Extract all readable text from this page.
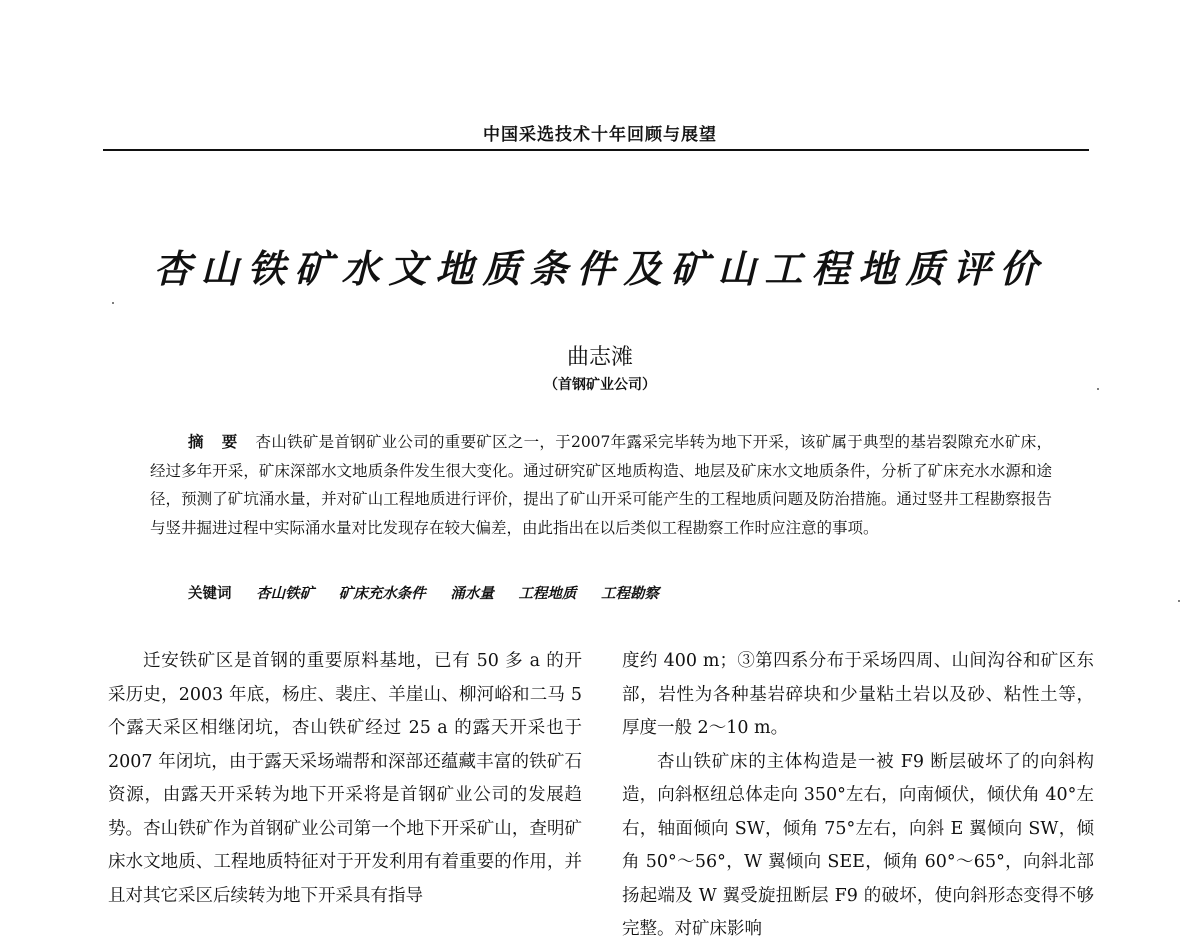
中国采选技术十年回顾与展望
杏山铁矿水文地质条件及矿山工程地质评价
曲志滩
（首钢矿业公司）
摘要杏山铁矿是首钢矿业公司的重要矿区之一，于2007年露采完毕转为地下开采，该矿属于典型的基岩裂隙充水矿床，经过多年开采，矿床深部水文地质条件发生很大变化。通过研究矿区地质构造、地层及矿床水文地质条件，分析了矿床充水水源和途径，预测了矿坑涌水量，并对矿山工程地质进行评价，提出了矿山开采可能产生的工程地质问题及防治措施。通过竖井工程勘察报告与竖井掘进过程中实际涌水量对比发现存在较大偏差，由此指出在以后类似工程勘察工作时应注意的事项。
关键词 杏山铁矿 矿床充水条件 涌水量 工程地质 工程勘察
迁安铁矿区是首钢的重要原料基地，已有 50 多 a 的开采历史，2003 年底，杨庄、裴庄、羊崖山、柳河峪和二马 5 个露天采区相继闭坑，杏山铁矿经过 25 a 的露天开采也于 2007 年闭坑，由于露天采场端帮和深部还蕴藏丰富的铁矿石资源，由露天开采转为地下开采将是首钢矿业公司的发展趋势。杏山铁矿作为首钢矿业公司第一个地下开采矿山，查明矿床水文地质、工程地质特征对于开发利用有着重要的作用，并且对其它采区后续转为地下开采具有指导

度约 400 m；③第四系分布于采场四周、山间沟谷和矿区东部，岩性为各种基岩碎块和少量粘土岩以及砂、粘性土等，厚度一般 2～10 m。

杏山铁矿床的主体构造是一被 F9 断层破坏了的向斜构造，向斜枢纽总体走向 350°左右，向南倾伏，倾伏角 40°左右，轴面倾向 SW，倾角 75°左右，向斜 E 翼倾向 SW，倾角 50°～56°，W 翼倾向 SEE，倾角 60°～65°，向斜北部扬起端及 W 翼受旋扭断层 F9 的破坏，使向斜形态变得不够完整。对矿床影响
